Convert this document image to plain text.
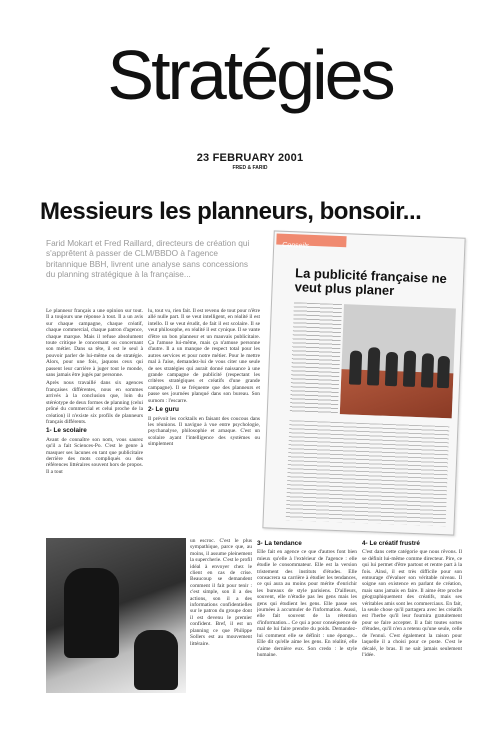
Stratégies
23 FEBRUARY 2001
FRED & FARID
Messieurs les planneurs, bonsoir...
Farid Mokart et Fred Raillard, directeurs de création qui s'apprêtent à passer de CLM/BBDO à l'agence britannique BBH, livrent une analyse sans concessions du planning stratégique à la française...
Conseils
La publicité française ne veut plus planer

Le planneur français a une opinion sur tout. Il a toujours une réponse à tout. Il a un avis sur chaque campagne, chaque créatif, chaque commercial, chaque patron d'agence, chaque marque. Mais il refuse absolument toute critique le concernant ou concernant son métier. Dans sa tête, il est le seul à pouvoir parler de lui-même ou de stratégie. Alors, pour une fois, jaquons ceux qui passent leur carrière à juger tout le monde, sans jamais être jugés par personne.

Après nous travaillé dans six agences françaises différentes, nous en sommes arrivés à la conclusion que, loin du stéréotype de deux formes de planning (celui prôné du commercial et celui proche de la création) il n'existe six profils de planneurs français différents.

1- Le scolaire

Avant de connaître son nom, vous saurez qu'il a fait Sciences-Po. C'est le genre à masquer ses lacunes en tant que publicitaire derrière des mots compliqués ou des références littéraires souvent hors de propos. Il a tout

lu, tout vu, rien fait. Il est revenu de tout pour n'être allé nulle part. Il se veut intelligent, en réalité il est intello. Il se veut érudit, de fait il est scolaire. Il se veut philosophe, en réalité il est cynique. Il se vante d'être un bon planneur et un mauvais publicitaire. Ça l'amuse lui-même, mais ça n'amuse personne d'autre. Il a un manque de respect total pour les autres services et pour notre métier. Pour le mettre mal à l'aise, demandez-lui de vous citer une seule de ses stratégies qui aurait donné naissance à une grande campagne de publicité (respectant les critères stratégiques et créatifs d'une grande campagne). Il se fréquente que des planneurs et passe ses journées planqué dans son bureau. Son surnom : l'escarre.

2- Le guru

Il prévoit les cocktails en faisant des coucous dans les réunions. Il navigue à vue entre psychologie, psychanalyse, philosophie et arnaque. C'est un scolaire ayant l'intelligence des systèmes ou simplement

un escroc. C'est le plus sympathique, parce que, au moins, il assume pleinement la supercherie. C'est le profil idéal à envoyer chez le client en cas de crise. Beaucoup se demandent comment il fait pour tenir : c'est simple, son il a des actions, son il a des informations confidentielles sur le patron du groupe dont il est devenu le premier confident. Bref, il est un planning ce que Philippe Sollers est au mouvement littéraire.

3- La tendance

Elle fait en agence ce que d'autres font bien mieux qu'elle à l'extérieur de l'agence : elle étudie le consommateur. Elle est la version tristement des instituts d'études. Elle consacrera sa carrière à étudier les tendances, ce qui aura au moins pour mérite d'enrichir les bureaux de style parisiens. D'ailleurs, souvent, elle n'étudie pas les gens mais les gens qui étudient les gens. Elle passe ses journées à accumuler de l'information. Aussi, elle fait souvent de la rétention d'information... Ce qui a pour conséquence de mal de lui faire prendre du poids. Demandez-lui comment elle se définit : une éponge... Elle dit qu'elle aime les gens. En réalité, elle s'aime dernière eux. Son credo : le style humaine.

4- Le créatif frustré

C'est dans cette catégorie que nous rêvons. Il se définit lui-même comme directeur. Pire, ce qui lui permet d'être partout et rentre part à la fois. Ainsi, il est très difficile pour son entourage d'évaluer son véritable niveau. Il soigne son existence en parlant de création, mais sans jamais en faire. Il aime être proche géographiquement des créatifs, mais ses véritables amis sont les commerciaux. En fait, la seule chose qu'il partagera avec les créatifs est l'herbe qu'il leur fournira gratuitement pour se faire accepter. Il a fait toutes sortes d'études, qu'il n'en a retenu qu'une seule, celle de l'ennui. C'est également la raison pour laquelle il a choisi pour ce poste. C'est le décalé, le bras. Il ne sait jamais seulement l'idée.
